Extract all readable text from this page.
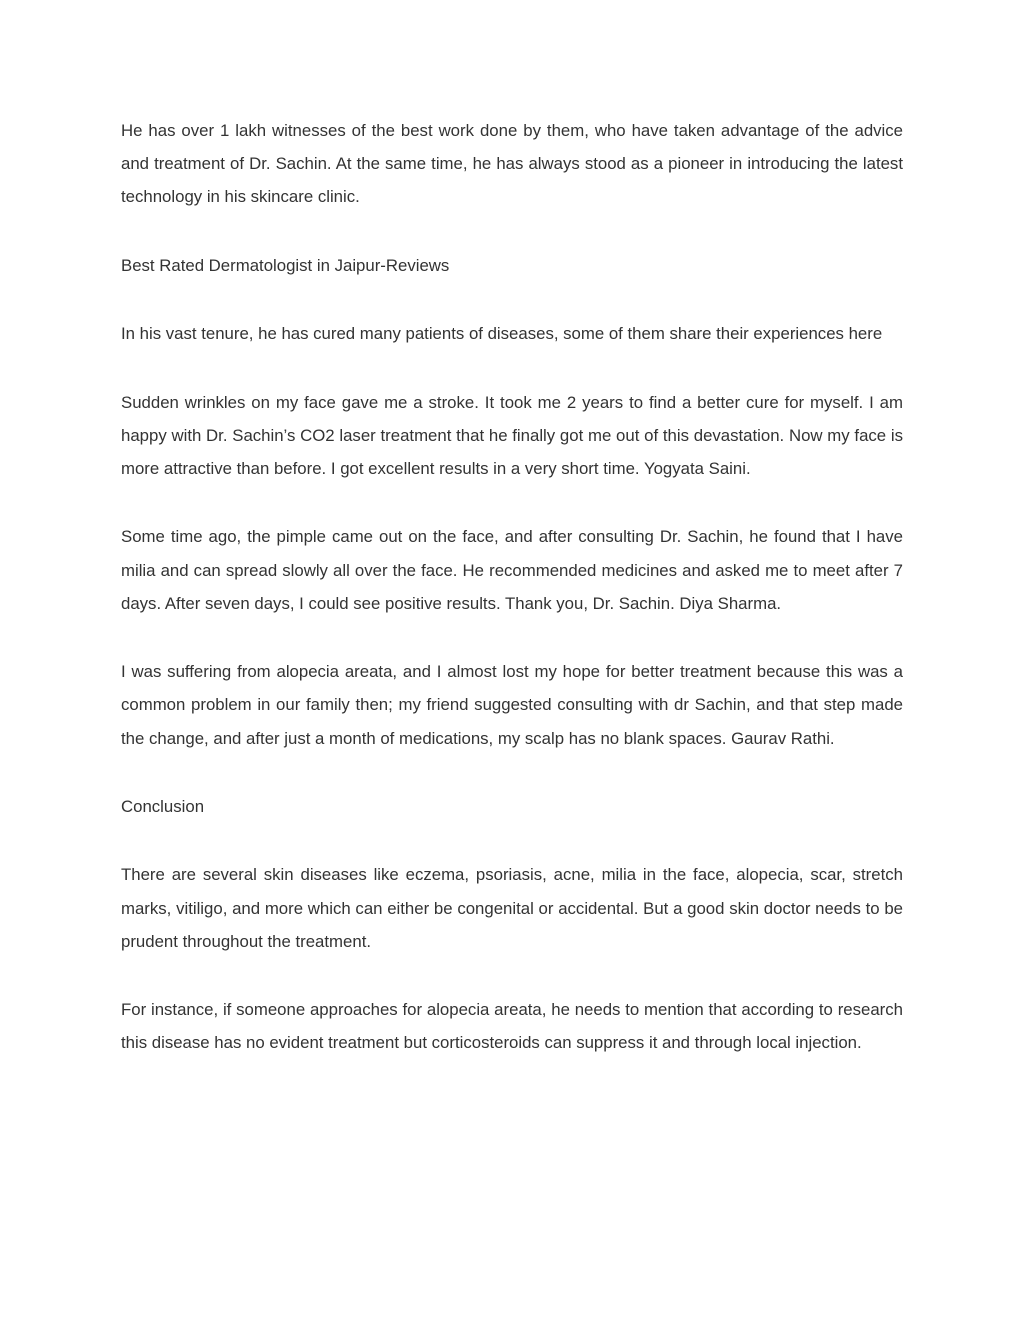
He has over 1 lakh witnesses of the best work done by them, who have taken advantage of the advice and treatment of Dr. Sachin. At the same time, he has always stood as a pioneer in introducing the latest technology in his skincare clinic.

Best Rated Dermatologist in Jaipur-Reviews

In his vast tenure, he has cured many patients of diseases, some of them share their experiences here

Sudden wrinkles on my face gave me a stroke. It took me 2 years to find a better cure for myself. I am happy with Dr. Sachin’s CO2 laser treatment that he finally got me out of this devastation. Now my face is more attractive than before. I got excellent results in a very short time. Yogyata Saini.

Some time ago, the pimple came out on the face, and after consulting Dr. Sachin, he found that I have milia and can spread slowly all over the face. He recommended medicines and asked me to meet after 7 days. After seven days, I could see positive results. Thank you, Dr. Sachin. Diya Sharma.

I was suffering from alopecia areata, and I almost lost my hope for better treatment because this was a common problem in our family then; my friend suggested consulting with dr Sachin, and that step made the change, and after just a month of medications, my scalp has no blank spaces. Gaurav Rathi.

Conclusion

There are several skin diseases like eczema, psoriasis, acne, milia in the face, alopecia, scar, stretch marks, vitiligo, and more which can either be congenital or accidental. But a good skin doctor needs to be prudent throughout the treatment.

For instance, if someone approaches for alopecia areata, he needs to mention that according to research this disease has no evident treatment but corticosteroids can suppress it and through local injection.
